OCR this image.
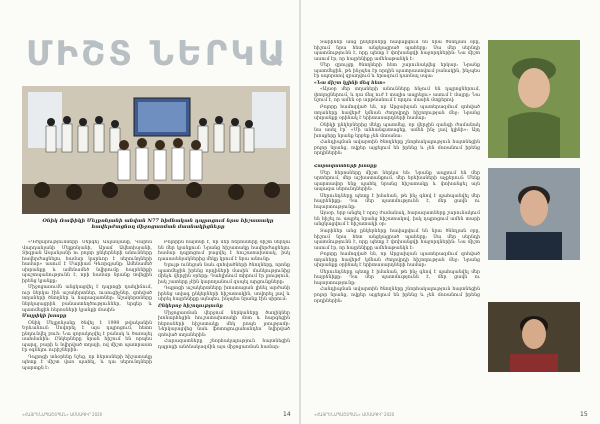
ՄԻՇՏ ՆԵՐԿԱ
Օնիկ Ռաֆիկի Մելքոնյանի անվան N77 հիմնական դպրոցում նրա հիշատակը հավերժացնող միջոցառման մասնակիցները

«Դժվարությունների Սերգեյ Ասլանյանը, Կարեն Վարդանյանի Մելքոնյանի, Արամ Ավետիսյանի, Տիգրան Ասլանյանի ու բոլոր ընկերների անունները հավերժացնելու համար կարևոր է սերունդների համար» ասում է Մարիամ Գևորգյանը։ Ամենամեծ սխրանքը և ամենամեծ նվիրումը հայրենիքի պաշտպանությունն է, որի համար նրանք տվեցին իրենց կյանքը։

Միջոցառումն անցկացվել է դպրոցի դահլիճում, ուր ներկա էին աշակերտներ, ուսուցիչներ, զոհված տղաների ծնողներ և հարազատներ։ Աշակերտները ներկայացրին բանաստեղծություններ, երգեր և պատմեցին հերոսների կյանքի մասին։

Մայրիկի խոսքը

Օնիկ Մելքոնյանը ծնվել է 1998 թվականին Երևանում։ Սովորել է այս դպրոցում, հետո ընդունվել բուհ։ Նա զորակոչվել է բանակ և ծառայել սահմանին։ Ընկերները նրան հիշում են որպես պարզ, բարի և նվիրված տղայի, ով միշտ պատրաստ էր օգնելու ուրիշներին։

Դպրոցի տնօրենը նշեց, որ հերոսների հիշատակը պետք է միշտ վառ պահել, և դա սերունդների պարտքն է։

Բոլորին հայտնի է, որ մեր հերոսները միշտ ներկա են մեր կյանքում։ Նրանց հիշատակը հավերժացնելու համար դպրոցում բացվել է հուշատախտակ, իսկ դասասենյակներից մեկը կրում է նրա անունը։

Ելույթ ունեցան նաև զոհվածների ծնողները, որոնք պատմեցին իրենց որդիների մասին՝ մանկությունից մինչև վերջին օրերը։ Դահլիճում տիրում էր լռություն, իսկ շատերը չէին կարողանում զսպել արցունքները։

Դպրոցի աշակերտները խոստացան լինել արժանի իրենց ավագ ընկերների հիշատակին, սովորել լավ և սիրել հայրենիքը այնպես, ինչպես նրանք էին սիրում։

Ընկերոջ հիշողությունը

Միջոցառման վերջում ներկաները ծաղիկներ խոնարհեցին հուշատախտակի մոտ և հարգեցին հերոսների հիշատակը մեկ րոպե լռությամբ։ Ներկայացվեց նաև ֆոտոցուցահանդես՝ նվիրված զոհված տղաներին։

Հարազատները շնորհակալություն հայտնեցին դպրոցի անձնակազմին այս միջոցառման համար։

«ՀԱՅՐԵՆԱՊԱՇՏՊԱՆ» ԱՄՍԱԳԻՐ 2020	14

Տարիներ անց ընկերները հավաքվում են նրա ծննդյան օրը, հիշում նրա հետ անցկացրած պահերը։ Սա մեր սերնդի պատմությունն է, որը պետք է փոխանցվի հաջորդներին։ Նա միշտ ասում էր, որ հայրենիքը ամենաթանկն է։

Մեր զրույցը ծնողների հետ շարունակվեց երկար։ Նրանք պատմեցին, թե ինչպես էր որդին պատրաստվում բանակին, ինչպես էր սպորտով զբաղվում և երազում դառնալ սպա։

«Նա միշտ կլինի մեզ հետ»

«Այսօր մեր տղաների անունները հնչում են դպրոցներում, փողոցներում, և դա մեզ ուժ է տալիս ապրելու» ասում է մայրը։ Նա նշում է, որ ամեն օր արթնանում է որդու մասին մտքերով։

Բոլորը համոզված են, որ Արցախյան պատերազմում զոհված տղաները հավերժ կմնան ժողովրդի հիշողության մեջ։ Նրանց սխրանքը օրինակ է երիտասարդների համար։

Օնիկի ընկերներից մեկը պատմեց, որ վերջին զանգի ժամանակ նա ասել էր՝ «Մի անհանգստացեք, ամեն ինչ լավ կլինի»։ Այդ խոսքերը նրանք երբեք չեն մոռանա։

Հանդիպման ավարտին ծնողները շնորհակալություն հայտնեցին բոլոր նրանց, ովքեր այցելում են իրենց և չեն մոռանում իրենց որդիներին։

Հարազատների խոսքը

Մեր հերոսները միշտ ներկա են։ Նրանք ապրում են մեր սրտերում, մեր աշխատանքում, մեր երեխաների աչքերում։ Մենք պարտավոր ենք պահել նրանց հիշատակը և փոխանցել այն ապագա սերունդներին։

Սերունդները պետք է իմանան, թե ինչ գնով է պահպանվել մեր հայրենիքը։ Դա մեր պատմությունն է, մեր ցավն ու հպարտությունը։

Այսօր, երբ անցել է որոշ ժամանակ, հարազատները շարունակում են հիշել ու ապրել նրանց հիշատակով, իսկ դպրոցում ամեն տարի անցկացվում է հիշատակի օր։

Տարիներ անց ընկերները հավաքվում են նրա ծննդյան օրը, հիշում նրա հետ անցկացրած պահերը։ Սա մեր սերնդի պատմությունն է, որը պետք է փոխանցվի հաջորդներին։ Նա միշտ ասում էր, որ հայրենիքը ամենաթանկն է։

Բոլորը համոզված են, որ Արցախյան պատերազմում զոհված տղաները հավերժ կմնան ժողովրդի հիշողության մեջ։ Նրանց սխրանքը օրինակ է երիտասարդների համար։

Սերունդները պետք է իմանան, թե ինչ գնով է պահպանվել մեր հայրենիքը։ Դա մեր պատմությունն է, մեր ցավն ու հպարտությունը։

Հանդիպման ավարտին ծնողները շնորհակալություն հայտնեցին բոլոր նրանց, ովքեր այցելում են իրենց և չեն մոռանում իրենց որդիներին։

«ՀԱՅՐԵՆԱՊԱՇՏՊԱՆ» ԱՄՍԱԳԻՐ 2020	15
